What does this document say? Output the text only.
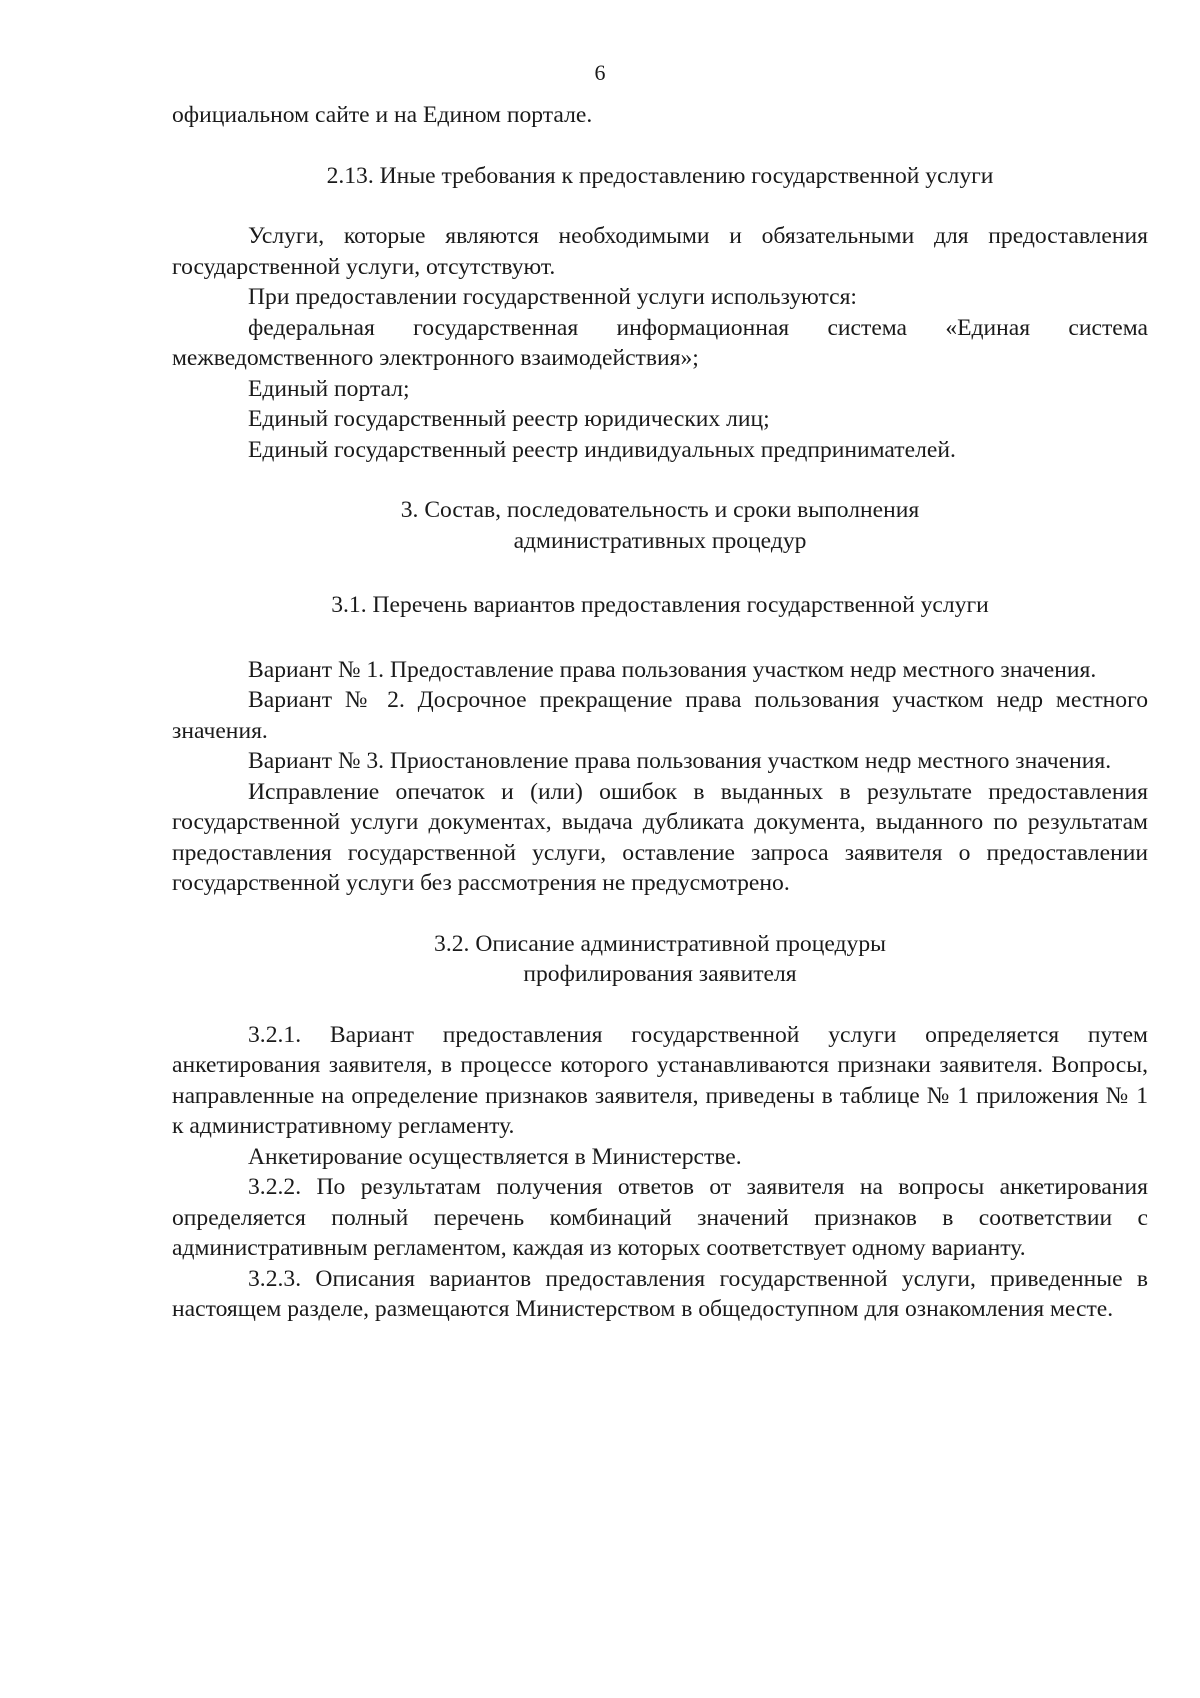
6

официальном сайте и на Едином портале.

2.13. Иные требования к предоставлению государственной услуги

Услуги, которые являются необходимыми и обязательными для предоставления государственной услуги, отсутствуют.

При предоставлении государственной услуги используются:

федеральная государственная информационная система «Единая система межведомственного электронного взаимодействия»;

Единый портал;

Единый государственный реестр юридических лиц;

Единый государственный реестр индивидуальных предпринимателей.

3. Состав, последовательность и сроки выполнения
административных процедур

3.1. Перечень вариантов предоставления государственной услуги

Вариант № 1. Предоставление права пользования участком недр местного значения.

Вариант № 2. Досрочное прекращение права пользования участком недр местного значения.

Вариант № 3. Приостановление права пользования участком недр местного значения.

Исправление опечаток и (или) ошибок в выданных в результате предоставления государственной услуги документах, выдача дубликата документа, выданного по результатам предоставления государственной услуги, оставление запроса заявителя о предоставлении государственной услуги без рассмотрения не предусмотрено.

3.2. Описание административной процедуры
профилирования заявителя

3.2.1. Вариант предоставления государственной услуги определяется путем анкетирования заявителя, в процессе которого устанавливаются признаки заявителя. Вопросы, направленные на определение признаков заявителя, приведены в таблице № 1 приложения № 1 к административному регламенту.

Анкетирование осуществляется в Министерстве.

3.2.2. По результатам получения ответов от заявителя на вопросы анкетирования определяется полный перечень комбинаций значений признаков в соответствии с административным регламентом, каждая из которых соответствует одному варианту.

3.2.3. Описания вариантов предоставления государственной услуги, приведенные в настоящем разделе, размещаются Министерством в общедоступном для ознакомления месте.
